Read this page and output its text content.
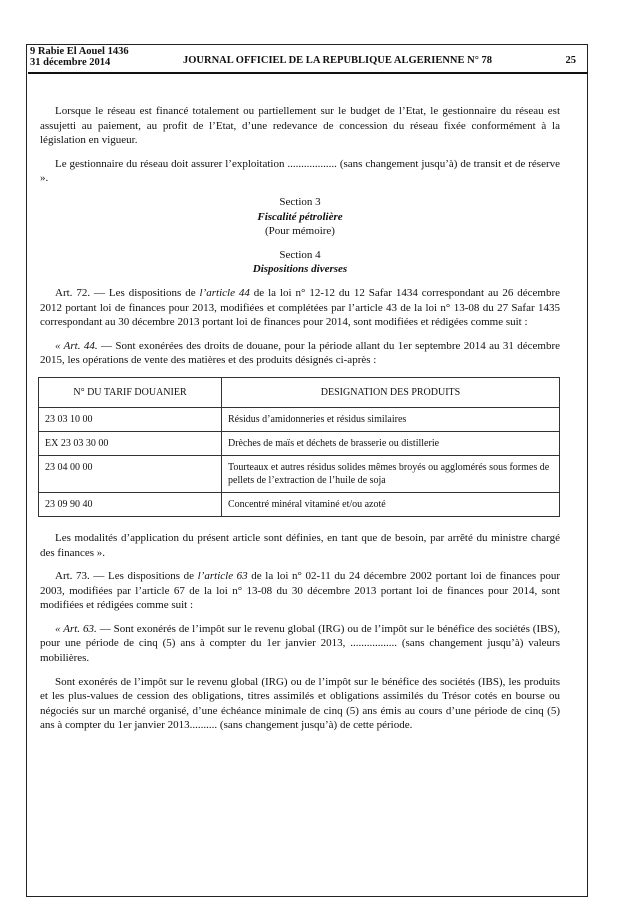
9 Rabie El Aouel 1436
31 décembre 2014	JOURNAL OFFICIEL DE LA REPUBLIQUE ALGERIENNE N° 78	25

Lorsque le réseau est financé totalement ou partiellement sur le budget de l’Etat, le gestionnaire du réseau est assujetti au paiement, au profit de l’Etat, d’une redevance de concession du réseau fixée conformément à la législation en vigueur.

Le gestionnaire du réseau doit assurer l’exploitation .................. (sans changement jusqu’à) de transit et de réserve ».

Section 3
Fiscalité pétrolière
(Pour mémoire)
Section 4
Dispositions diverses

Art. 72. — Les dispositions de l’article 44 de la loi n° 12-12 du 12 Safar 1434 correspondant au 26 décembre 2012 portant loi de finances pour 2013, modifiées et complétées par l’article 43 de la loi n° 13-08 du 27 Safar 1435 correspondant au 30 décembre 2013 portant loi de finances pour 2014, sont modifiées et rédigées comme suit :

« Art. 44. — Sont exonérées des droits de douane, pour la période allant du 1er septembre 2014 au 31 décembre 2015, les opérations de vente des matières et des produits désignés ci-après :

N° DU TARIF DOUANIER	DESIGNATION DES PRODUITS
23 03 10 00	Résidus d’amidonneries et résidus similaires
EX 23 03 30 00	Drèches de maïs et déchets de brasserie ou distillerie
23 04 00 00	Tourteaux et autres résidus solides mêmes broyés ou agglomérés sous formes de pellets de l’extraction de l’huile de soja
23 09 90 40	Concentré minéral vitaminé et/ou azoté

Les modalités d’application du présent article sont définies, en tant que de besoin, par arrêté du ministre chargé des finances ».

Art. 73. — Les dispositions de l’article 63 de la loi n° 02-11 du 24 décembre 2002 portant loi de finances pour 2003, modifiées par l’article 67 de la loi n° 13-08 du 30 décembre 2013 portant loi de finances pour 2014, sont modifiées et rédigées comme suit :

« Art. 63. — Sont exonérés de l’impôt sur le revenu global (IRG) ou de l’impôt sur le bénéfice des sociétés (IBS), pour une période de cinq (5) ans à compter du 1er janvier 2013, ................. (sans changement jusqu’à) valeurs mobilières.

Sont exonérés de l’impôt sur le revenu global (IRG) ou de l’impôt sur le bénéfice des sociétés (IBS), les produits et les plus-values de cession des obligations, titres assimilés et obligations assimilés du Trésor cotés en bourse ou négociés sur un marché organisé, d’une échéance minimale de cinq (5) ans émis au cours d’une période de cinq (5) ans à compter du 1er janvier 2013.......... (sans changement jusqu’à) de cette période.
